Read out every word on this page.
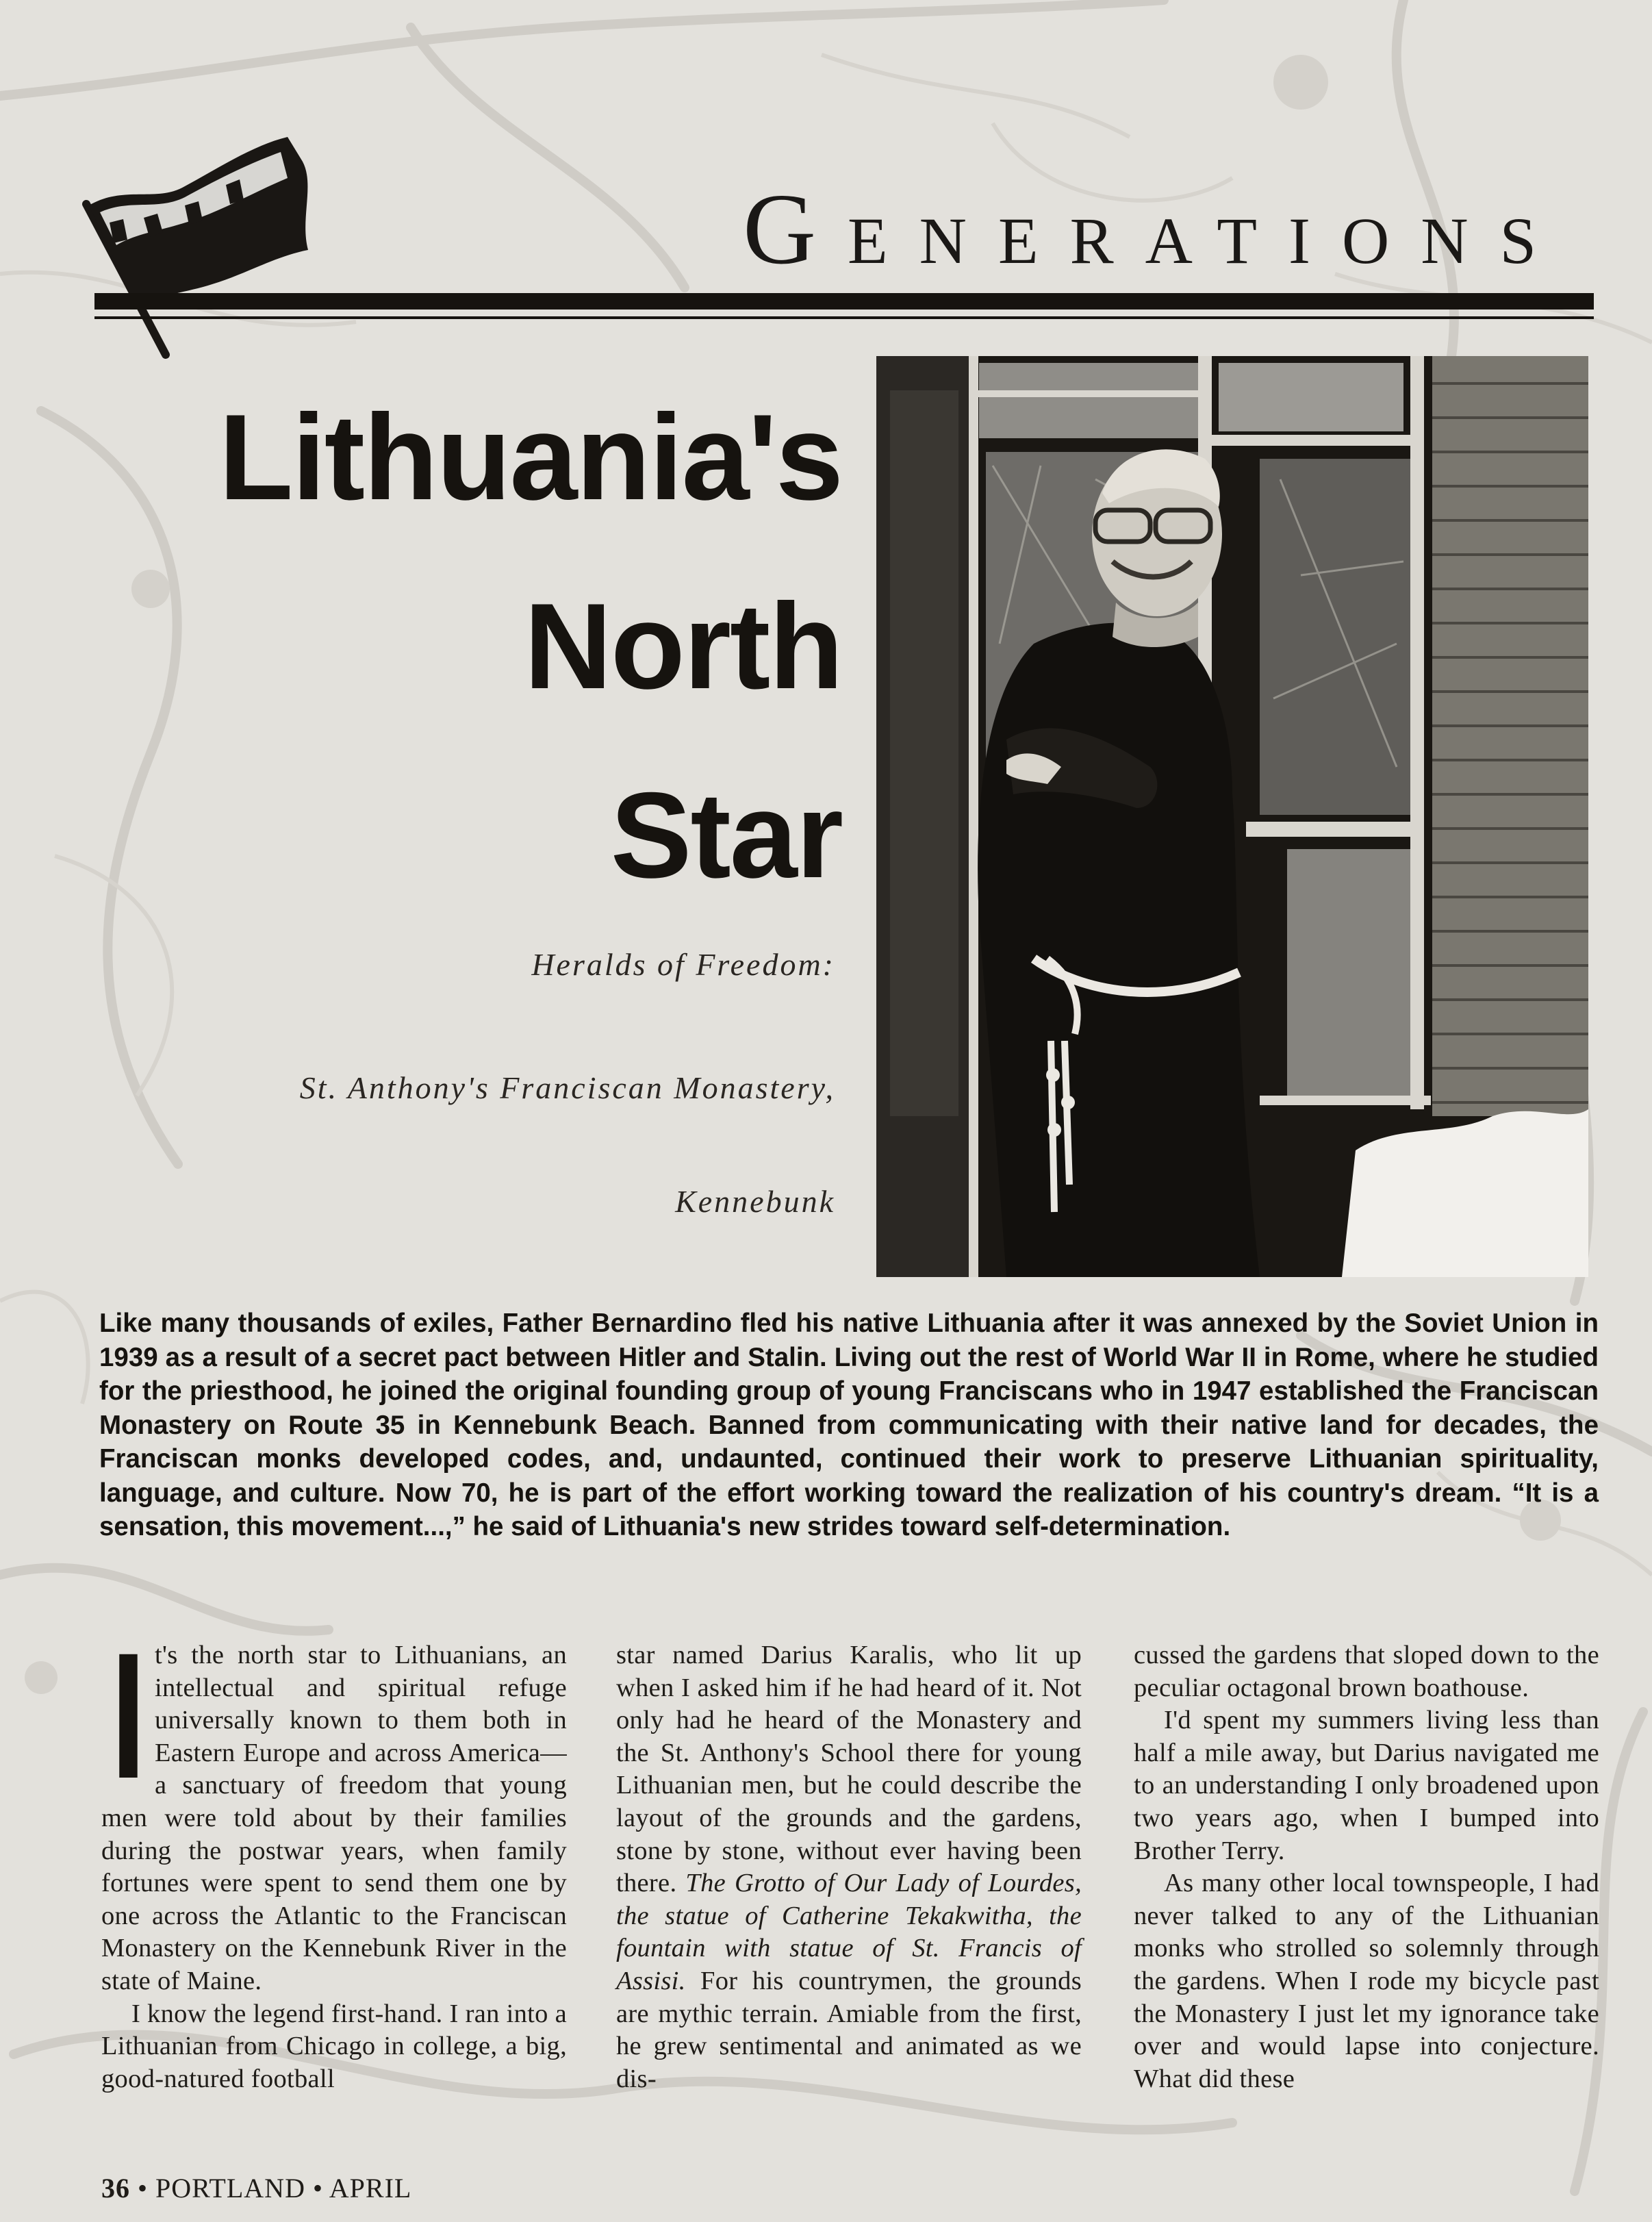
GENERATIONS
Lithuania's
North
Star
Heralds of Freedom:
St. Anthony's Franciscan Monastery,
Kennebunk
Like many thousands of exiles, Father Bernardino fled his native Lithuania after it was annexed by the Soviet Union in 1939 as a result of a secret pact between Hitler and Stalin. Living out the rest of World War II in Rome, where he studied for the priesthood, he joined the original founding group of young Franciscans who in 1947 established the Franciscan Monastery on Route 35 in Kennebunk Beach. Banned from communicating with their native land for decades, the Franciscan monks developed codes, and, undaunted, continued their work to preserve Lithuanian spirituality, language, and culture. Now 70, he is part of the effort working toward the realization of his country's dream. “It is a sensation, this movement...,” he said of Lithuania's new strides toward self-determination.

It's the north star to Lithuanians, an intellectual and spiritual refuge universally known to them both in Eastern Europe and across America—a sanctuary of freedom that young men were told about by their families during the postwar years, when family fortunes were spent to send them one by one across the Atlantic to the Franciscan Monastery on the Kennebunk River in the state of Maine.

I know the legend first-hand. I ran into a Lithuanian from Chicago in college, a big, good-natured football

star named Darius Karalis, who lit up when I asked him if he had heard of it. Not only had he heard of the Monastery and the St. Anthony's School there for young Lithuanian men, but he could describe the layout of the grounds and the gardens, stone by stone, without ever having been there. The Grotto of Our Lady of Lourdes, the statue of Catherine Tekakwitha, the fountain with statue of St. Francis of Assisi. For his countrymen, the grounds are mythic terrain. Amiable from the first, he grew sentimental and animated as we dis-

cussed the gardens that sloped down to the peculiar octagonal brown boathouse.

I'd spent my summers living less than half a mile away, but Darius navigated me to an understanding I only broadened upon two years ago, when I bumped into Brother Terry.

As many other local townspeople, I had never talked to any of the Lithuanian monks who strolled so solemnly through the gardens. When I rode my bicycle past the Monastery I just let my ignorance take over and would lapse into conjecture. What did these

36 • PORTLAND • APRIL
